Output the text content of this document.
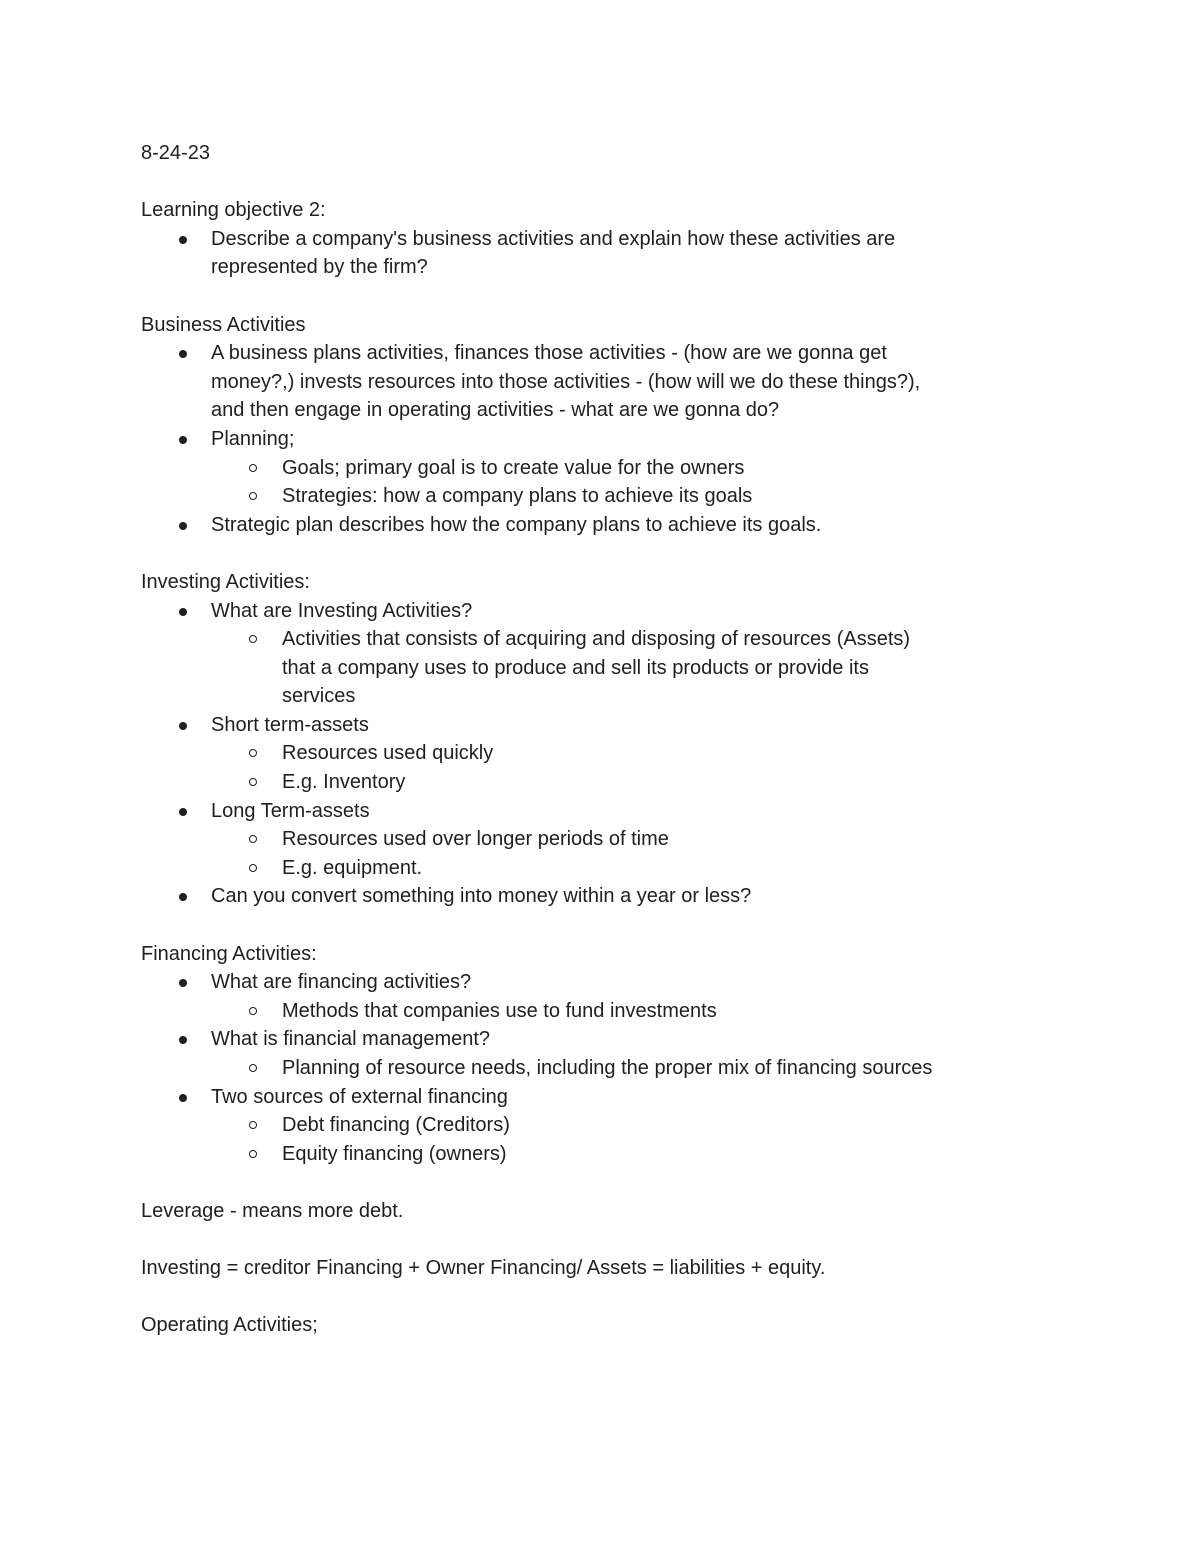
8-24-23

Learning objective 2:

Describe a company's business activities and explain how these activities are represented by the firm?

Business Activities

A business plans activities, finances those activities - (how are we gonna get money?,) invests resources into those activities - (how will we do these things?), and then engage in operating activities - what are we gonna do?
Planning;
Goals; primary goal is to create value for the owners
Strategies: how a company plans to achieve its goals
Strategic plan describes how the company plans to achieve its goals.

Investing Activities:

What are Investing Activities?
Activities that consists of acquiring and disposing of resources (Assets) that a company uses to produce and sell its products or provide its services
Short term-assets
Resources used quickly
E.g. Inventory
Long Term-assets
Resources used over longer periods of time
E.g. equipment.
Can you convert something into money within a year or less?

Financing Activities:

What are financing activities?
Methods that companies use to fund investments
What is financial management?
Planning of resource needs, including the proper mix of financing sources
Two sources of external financing
Debt financing (Creditors)
Equity financing (owners)

Leverage - means more debt.

Investing = creditor Financing + Owner Financing/ Assets = liabilities + equity.

Operating Activities;
